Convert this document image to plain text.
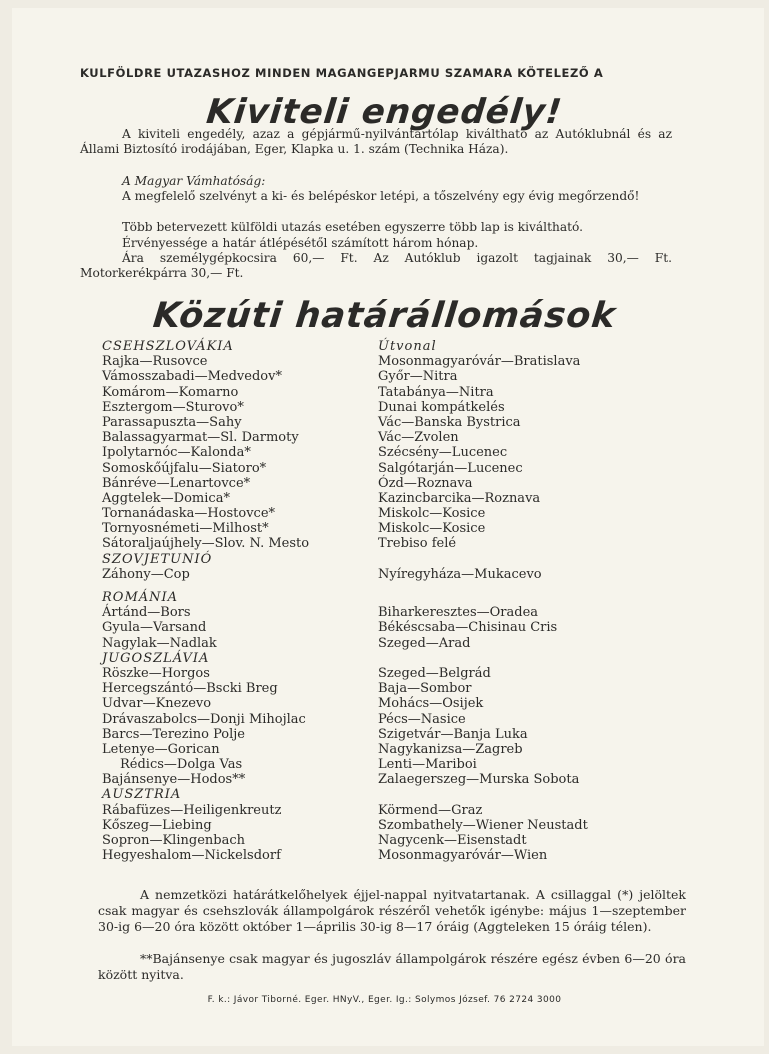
KULFÖLDRE UTAZASHOZ MINDEN MAGANGEPJARMU SZAMARA KÖTELEZŐ A
Kiviteli engedély!
A kiviteli engedély, azaz a gépjármű-nyilvántartólap kiváltható az Autóklubnál és az Állami Biztosító irodájában, Eger, Klapka u. 1. szám (Technika Háza).
A Magyar Vámhatóság:
A megfelelő szelvényt a ki- és belépéskor letépi, a tőszelvény egy évig megőrzendő!
Több betervezett külföldi utazás esetében egyszerre több lap is kiváltható.
Érvényessége a határ átlépésétől számított három hónap.
Ára személygépkocsira 60,— Ft. Az Autóklub igazolt tagjainak 30,— Ft. Motorkerékpárra 30,— Ft.
Közúti határállomások
CSEHSZLOVÁKIA
Rajka—Rusovce
Vámosszabadi—Medvedov*
Komárom—Komarno
Esztergom—Sturovo*
Parassapuszta—Sahy
Balassagyarmat—Sl. Darmoty
Ipolytarnóc—Kalonda*
Somoskőújfalu—Siatoro*
Bánréve—Lenartovce*
Aggtelek—Domica*
Tornanádaska—Hostovce*
Tornyosnémeti—Milhost*
Sátoraljaújhely—Slov. N. Mesto
SZOVJETUNIÓ
Záhony—Cop
ROMÁNIA
Ártánd—Bors
Gyula—Varsand
Nagylak—Nadlak
JUGOSZLÁVIA
Röszke—Horgos
Hercegszántó—Bscki Breg
Udvar—Knezevo
Drávaszabolcs—Donji Mihojlac
Barcs—Terezino Polje
Letenye—Gorican
Rédics—Dolga Vas
Bajánsenye—Hodos**
AUSZTRIA
Rábafüzes—Heiligenkreutz
Kőszeg—Liebing
Sopron—Klingenbach
Hegyeshalom—Nickelsdorf
Útvonal
Mosonmagyaróvár—Bratislava
Győr—Nitra
Tatabánya—Nitra
Dunai kompátkelés
Vác—Banska Bystrica
Vác—Zvolen
Szécsény—Lucenec
Salgótarján—Lucenec
Ózd—Roznava
Kazincbarcika—Roznava
Miskolc—Kosice
Miskolc—Kosice
Trebiso felé
Nyíregyháza—Mukacevo
Biharkeresztes—Oradea
Békéscsaba—Chisinau Cris
Szeged—Arad
Szeged—Belgrád
Baja—Sombor
Mohács—Osijek
Pécs—Nasice
Szigetvár—Banja Luka
Nagykanizsa—Zagreb
Lenti—Mariboi
Zalaegerszeg—Murska Sobota
Körmend—Graz
Szombathely—Wiener Neustadt
Nagycenk—Eisenstadt
Mosonmagyaróvár—Wien
A nemzetközi határátkelőhelyek éjjel-nappal nyitvatartanak. A csillaggal (*) jelöltek csak magyar és csehszlovák állampolgárok részéről vehetők igénybe: május 1—szeptember 30-ig 6—20 óra között október 1—április 30-ig 8—17 óráig (Aggteleken 15 óráig télen).
**Bajánsenye csak magyar és jugoszláv állampolgárok részére egész évben 6—20 óra között nyitva.
F. k.: Jávor Tiborné. Eger. HNyV., Eger. Ig.: Solymos József. 76 2724 3000
